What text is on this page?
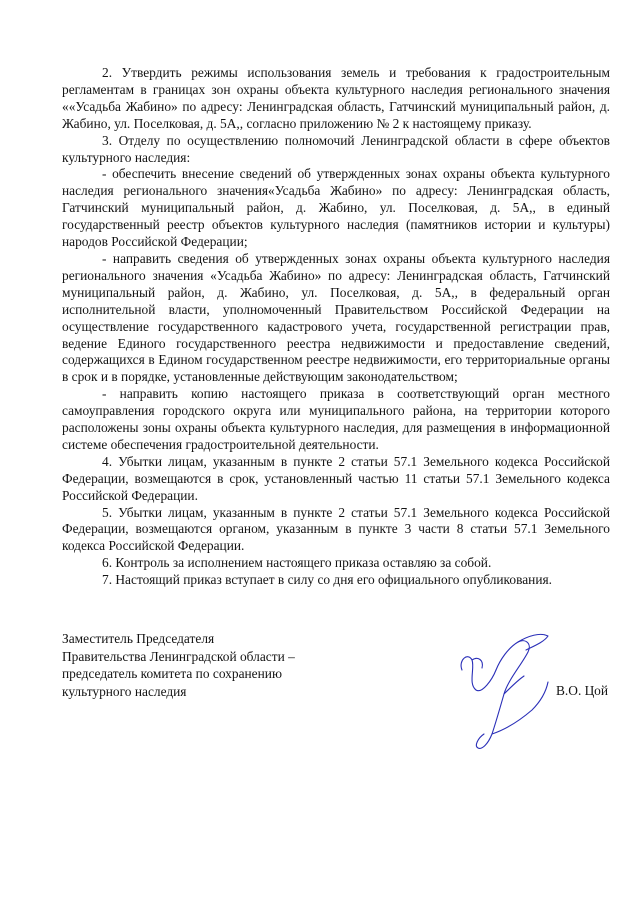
2. Утвердить режимы использования земель и требования к градостроительным регламентам в границах зон охраны объекта культурного наследия регионального значения ««Усадьба Жабино» по адресу: Ленинградская область, Гатчинский муниципальный район, д. Жабино, ул. Поселковая, д. 5А,, согласно приложению № 2 к настоящему приказу.

3. Отделу по осуществлению полномочий Ленинградской области в сфере объектов культурного наследия:

- обеспечить внесение сведений об утвержденных зонах охраны объекта культурного наследия регионального значения«Усадьба Жабино» по адресу: Ленинградская область, Гатчинский муниципальный район, д. Жабино, ул. Поселковая, д. 5А,, в единый государственный реестр объектов культурного наследия (памятников истории и культуры) народов Российской Федерации;

- направить сведения об утвержденных зонах охраны объекта культурного наследия регионального значения «Усадьба Жабино» по адресу: Ленинградская область, Гатчинский муниципальный район, д. Жабино, ул. Поселковая, д. 5А,, в федеральный орган исполнительной власти, уполномоченный Правительством Российской Федерации на осуществление государственного кадастрового учета, государственной регистрации прав, ведение Единого государственного реестра недвижимости и предоставление сведений, содержащихся в Едином государственном реестре недвижимости, его территориальные органы в срок и в порядке, установленные действующим законодательством;

- направить копию настоящего приказа в соответствующий орган местного самоуправления городского округа или муниципального района, на территории которого расположены зоны охраны объекта культурного наследия, для размещения в информационной системе обеспечения градостроительной деятельности.

4. Убытки лицам, указанным в пункте 2 статьи 57.1 Земельного кодекса Российской Федерации, возмещаются в срок, установленный частью 11 статьи 57.1 Земельного кодекса Российской Федерации.

5. Убытки лицам, указанным в пункте 2 статьи 57.1 Земельного кодекса Российской Федерации, возмещаются органом, указанным в пункте 3 части 8 статьи 57.1 Земельного кодекса Российской Федерации.

6. Контроль за исполнением настоящего приказа оставляю за собой.

7. Настоящий приказ вступает в силу со дня его официального опубликования.

Заместитель Председателя
Правительства Ленинградской области –
председатель комитета по сохранению
культурного наследия	В.О. Цой
